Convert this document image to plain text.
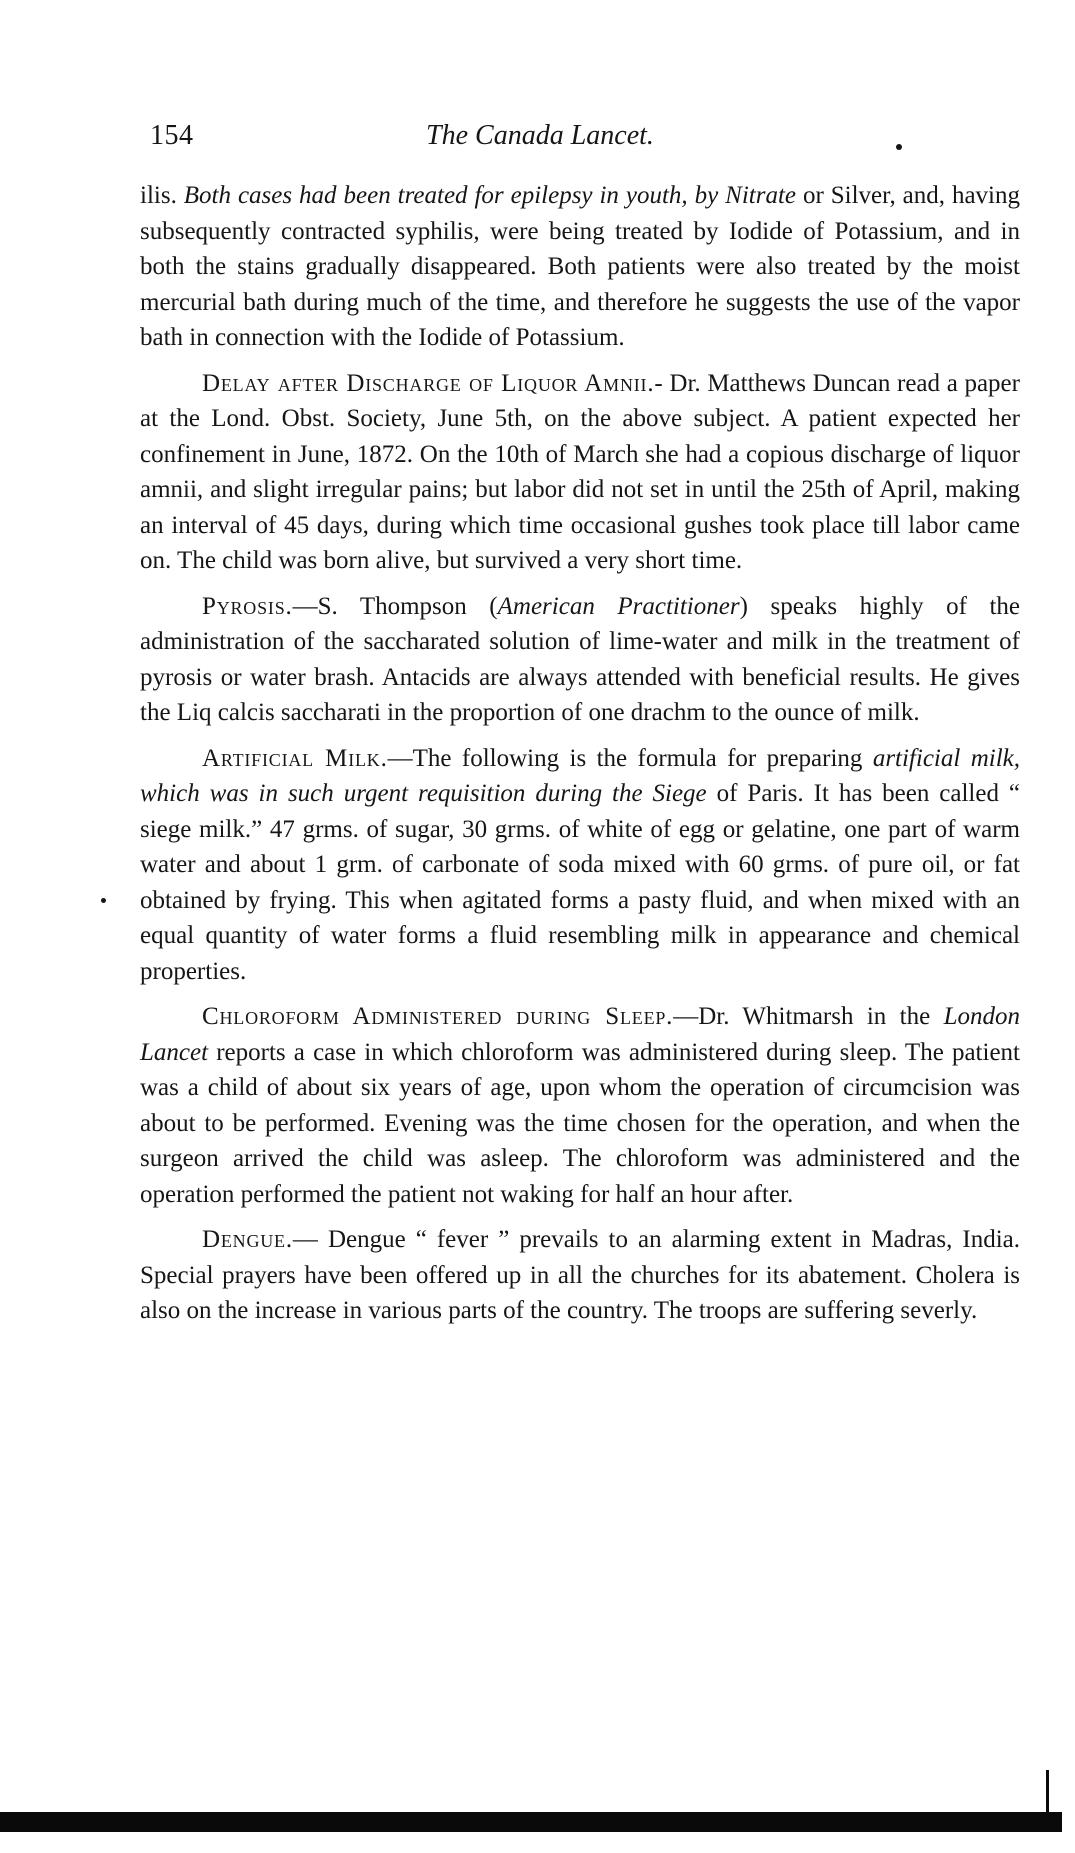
154	The Canada Lancet.

ilis. Both cases had been treated for epilepsy in youth, by Nitrate or Silver, and, having subsequently contracted syphilis, were being treated by Iodide of Potassium, and in both the stains gradually disappeared. Both patients were also treated by the moist mercurial bath during much of the time, and therefore he suggests the use of the vapor bath in connection with the Iodide of Potassium.

Delay after Discharge of Liquor Amnii.- Dr. Matthews Duncan read a paper at the Lond. Obst. Society, June 5th, on the above subject. A patient expected her confinement in June, 1872. On the 10th of March she had a copious discharge of liquor amnii, and slight irregular pains; but labor did not set in until the 25th of April, making an interval of 45 days, during which time occasional gushes took place till labor came on. The child was born alive, but survived a very short time.

Pyrosis.—S. Thompson (American Practitioner) speaks highly of the administration of the saccharated solution of lime-water and milk in the treatment of pyrosis or water brash. Antacids are always attended with beneficial results. He gives the Liq calcis saccharati in the proportion of one drachm to the ounce of milk.

Artificial Milk.—The following is the formula for preparing artificial milk, which was in such urgent requisition during the Siege of Paris. It has been called “ siege milk.” 47 grms. of sugar, 30 grms. of white of egg or gelatine, one part of warm water and about 1 grm. of carbonate of soda mixed with 60 grms. of pure oil, or fat obtained by frying. This when agitated forms a pasty fluid, and when mixed with an equal quantity of water forms a fluid resembling milk in appearance and chemical properties.

Chloroform Administered during Sleep.—Dr. Whitmarsh in the London Lancet reports a case in which chloroform was administered during sleep. The patient was a child of about six years of age, upon whom the operation of circumcision was about to be performed. Evening was the time chosen for the operation, and when the surgeon arrived the child was asleep. The chloroform was administered and the operation performed the patient not waking for half an hour after.

Dengue.— Dengue “ fever ” prevails to an alarming extent in Madras, India. Special prayers have been offered up in all the churches for its abatement. Cholera is also on the increase in various parts of the country. The troops are suffering severly.
